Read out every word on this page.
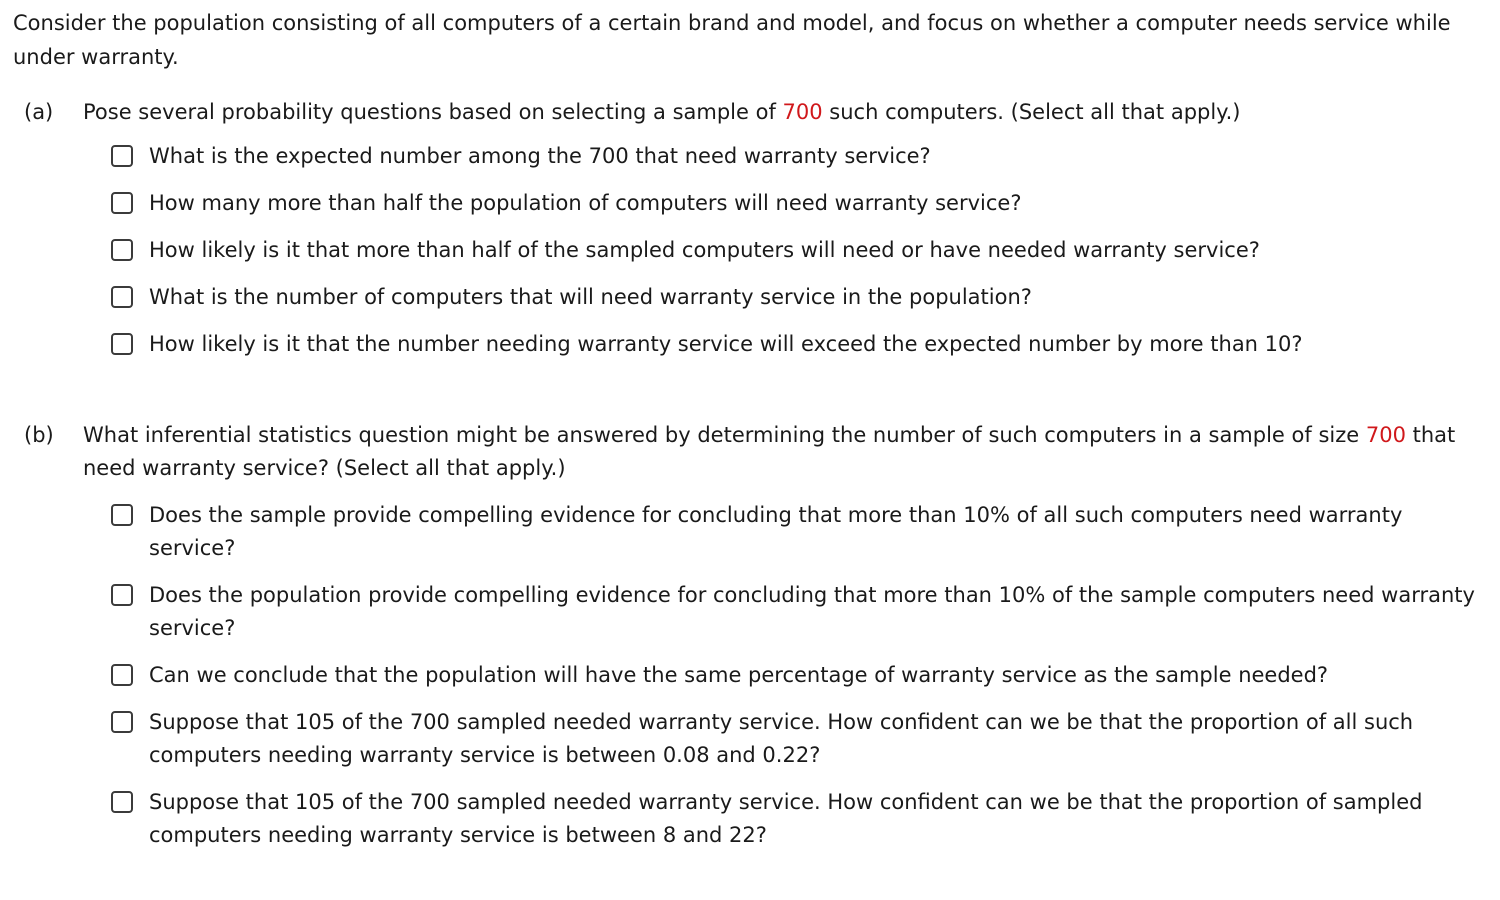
Consider the population consisting of all computers of a certain brand and model, and focus on whether a computer needs service while under warranty.

(a) Pose several probability questions based on selecting a sample of 700 such computers. (Select all that apply.)

What is the expected number among the 700 that need warranty service?
How many more than half the population of computers will need warranty service?
How likely is it that more than half of the sampled computers will need or have needed warranty service?
What is the number of computers that will need warranty service in the population?
How likely is it that the number needing warranty service will exceed the expected number by more than 10?
(b) What inferential statistics question might be answered by determining the number of such computers in a sample of size 700 that need warranty service? (Select all that apply.)

Does the sample provide compelling evidence for concluding that more than 10% of all such computers need warranty service?
Does the population provide compelling evidence for concluding that more than 10% of the sample computers need warranty service?
Can we conclude that the population will have the same percentage of warranty service as the sample needed?
Suppose that 105 of the 700 sampled needed warranty service. How confident can we be that the proportion of all such computers needing warranty service is between 0.08 and 0.22?
Suppose that 105 of the 700 sampled needed warranty service. How confident can we be that the proportion of sampled computers needing warranty service is between 8 and 22?
